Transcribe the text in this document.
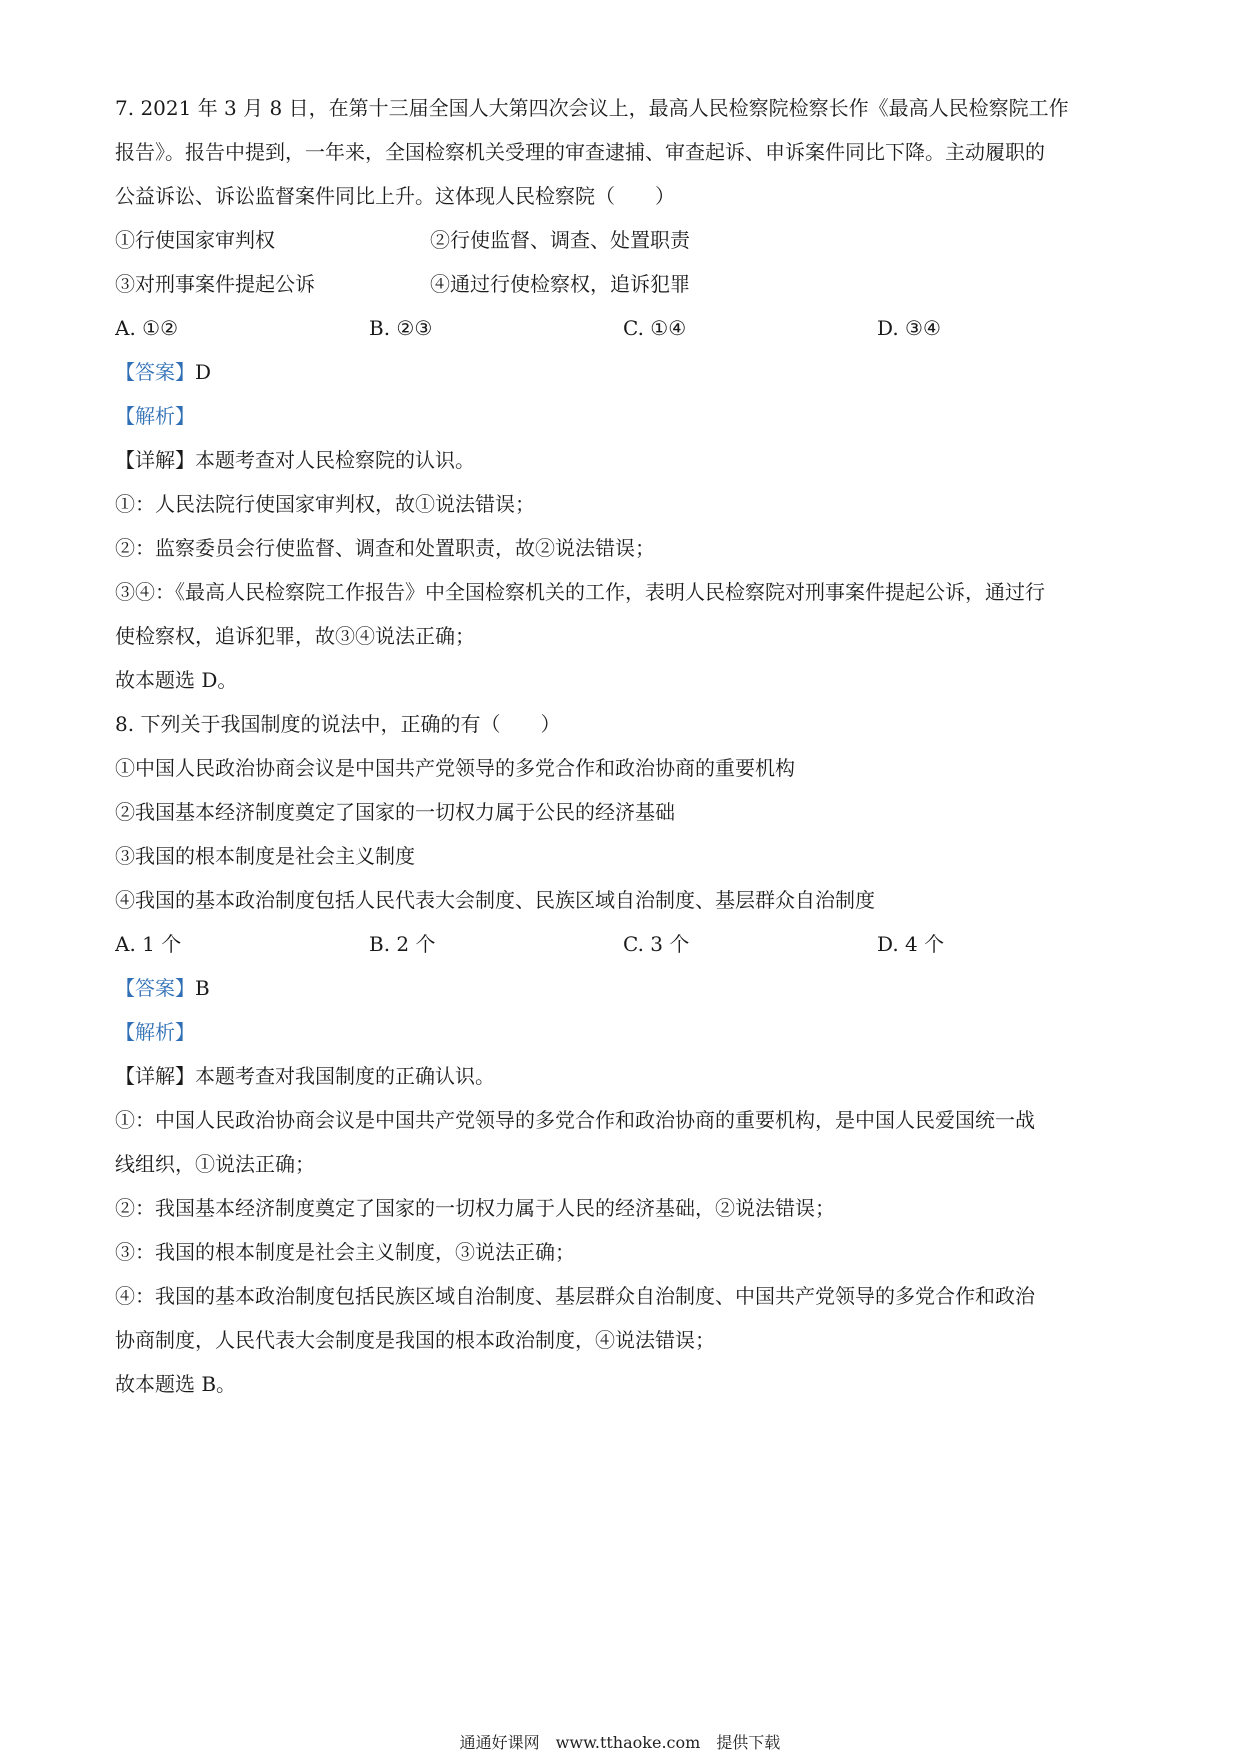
7. 2021 年 3 月 8 日，在第十三届全国人大第四次会议上，最高人民检察院检察长作《最高人民检察院工作
报告》。报告中提到，一年来，全国检察机关受理的审查逮捕、审查起诉、申诉案件同比下降。主动履职的
公益诉讼、诉讼监督案件同比上升。这体现人民检察院（　　）
①行使国家审判权	②行使监督、调查、处置职责
③对刑事案件提起公诉	④通过行使检察权，追诉犯罪
A. ①②	B. ②③	C. ①④	D. ③④
【答案】D
【解析】
【详解】本题考查对人民检察院的认识。
①：人民法院行使国家审判权，故①说法错误；
②：监察委员会行使监督、调查和处置职责，故②说法错误；
③④：《最高人民检察院工作报告》中全国检察机关的工作，表明人民检察院对刑事案件提起公诉，通过行
使检察权，追诉犯罪，故③④说法正确；
故本题选 D。
8. 下列关于我国制度的说法中，正确的有（　　）
①中国人民政治协商会议是中国共产党领导的多党合作和政治协商的重要机构
②我国基本经济制度奠定了国家的一切权力属于公民的经济基础
③我国的根本制度是社会主义制度
④我国的基本政治制度包括人民代表大会制度、民族区域自治制度、基层群众自治制度
A. 1 个	B. 2 个	C. 3 个	D. 4 个
【答案】B
【解析】
【详解】本题考查对我国制度的正确认识。
①：中国人民政治协商会议是中国共产党领导的多党合作和政治协商的重要机构，是中国人民爱国统一战
线组织，①说法正确；
②：我国基本经济制度奠定了国家的一切权力属于人民的经济基础，②说法错误；
③：我国的根本制度是社会主义制度，③说法正确；
④：我国的基本政治制度包括民族区域自治制度、基层群众自治制度、中国共产党领导的多党合作和政治
协商制度，人民代表大会制度是我国的根本政治制度，④说法错误；
故本题选 B。
通通好课网　www.tthaoke.com　提供下载
